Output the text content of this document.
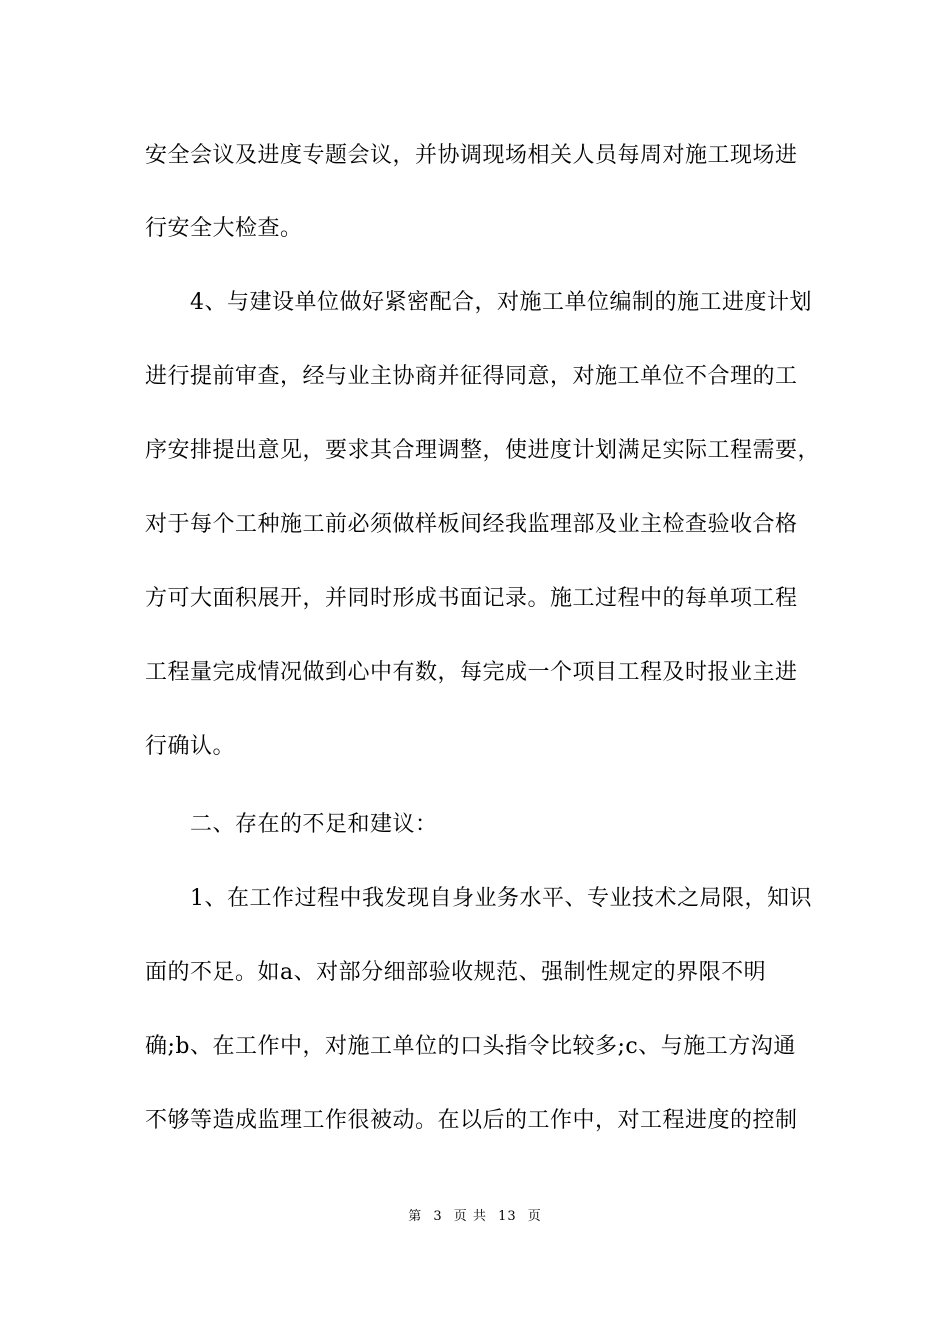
安全会议及进度专题会议，并协调现场相关人员每周对施工现场进
行安全大检查。
4、与建设单位做好紧密配合，对施工单位编制的施工进度计划
进行提前审查，经与业主协商并征得同意，对施工单位不合理的工
序安排提出意见，要求其合理调整，使进度计划满足实际工程需要，
对于每个工种施工前必须做样板间经我监理部及业主检查验收合格
方可大面积展开，并同时形成书面记录。施工过程中的每单项工程
工程量完成情况做到心中有数，每完成一个项目工程及时报业主进
行确认。
二、存在的不足和建议：
1、在工作过程中我发现自身业务水平、专业技术之局限，知识
面的不足。如a、对部分细部验收规范、强制性规定的界限不明
确;b、在工作中，对施工单位的口头指令比较多;c、与施工方沟通
不够等造成监理工作很被动。在以后的工作中，对工程进度的控制
第 3 页 共 13 页
